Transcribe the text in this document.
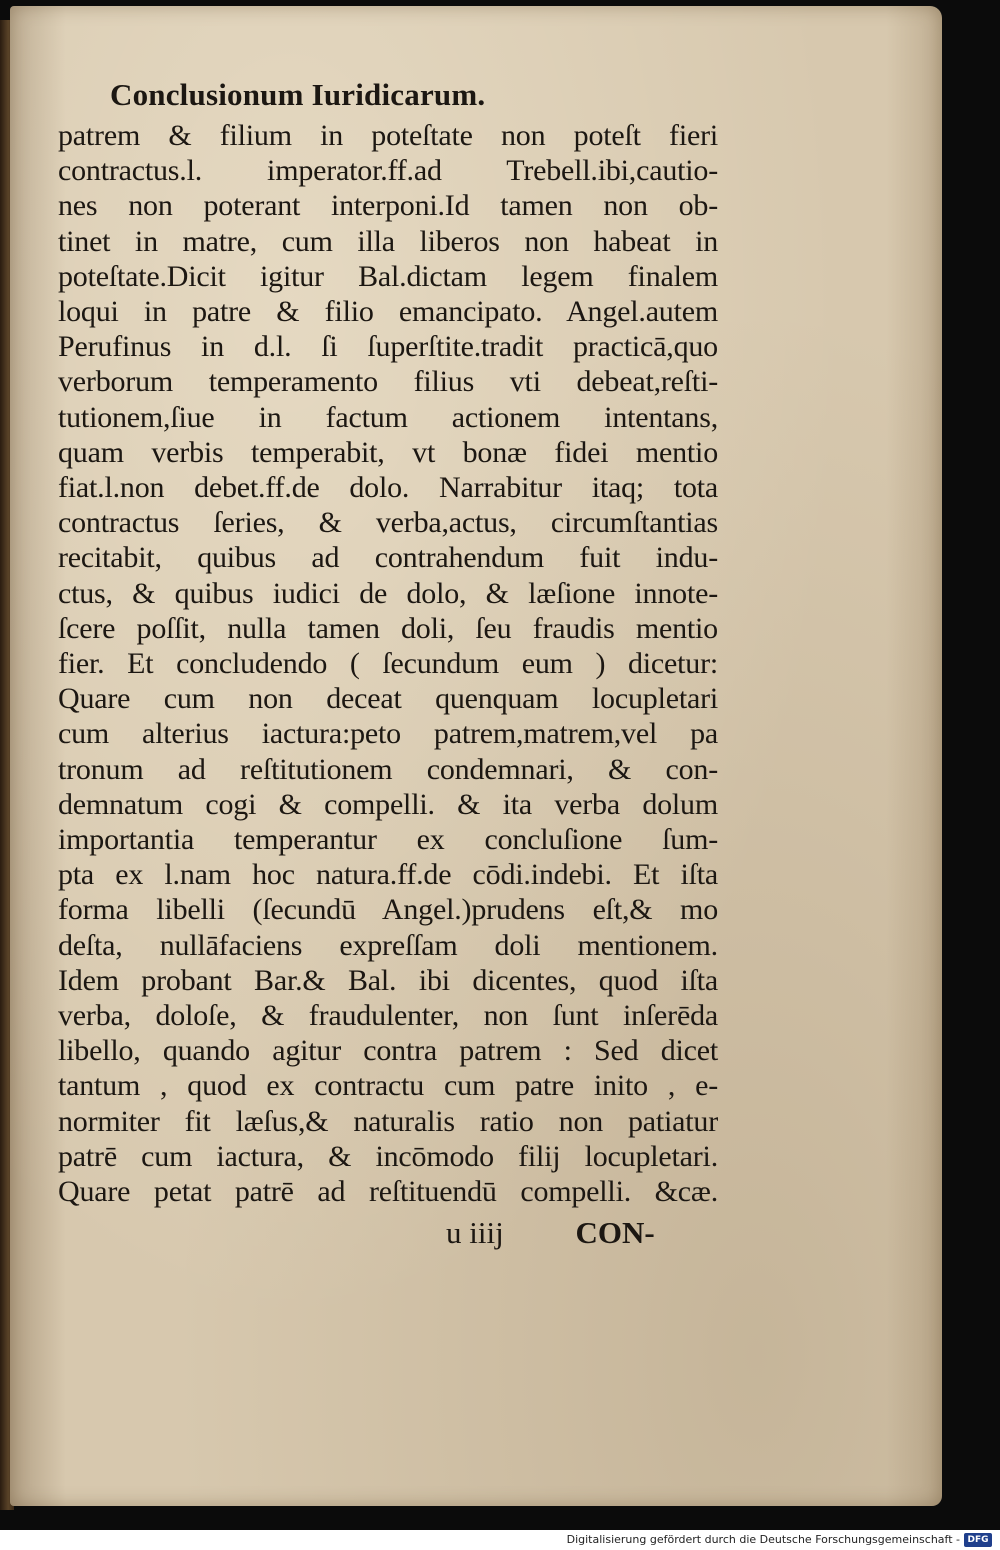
Conclusionum Iuridicarum.
patrem & filium in poteſtate non poteſt fieri
contractus.l. imperator.ff.ad Trebell.ibi,cautio-
nes non poterant interponi.Id tamen non ob-
tinet in matre, cum illa liberos non habeat in
poteſtate.Dicit igitur Bal.dictam legem finalem
loqui in patre & filio emancipato. Angel.autem
Perufinus in d.l. ſi ſuperſtite.tradit practicā,quo
verborum temperamento filius vti debeat,reſti-
tutionem,ſiue in factum actionem intentans,
quam verbis temperabit, vt bonæ fidei mentio
fiat.l.non debet.ff.de dolo. Narrabitur itaq; tota
contractus ſeries, & verba,actus, circumſtantias
recitabit, quibus ad contrahendum fuit indu-
ctus, & quibus iudici de dolo, & læſione innote-
ſcere poſſit, nulla tamen doli, ſeu fraudis mentio
fier. Et concludendo ( ſecundum eum ) dicetur:
Quare cum non deceat quenquam locupletari
cum alterius iactura:peto patrem,matrem,vel pa
tronum ad reſtitutionem condemnari, & con-
demnatum cogi & compelli. & ita verba dolum
importantia temperantur ex concluſione ſum-
pta ex l.nam hoc natura.ff.de cōdi.indebi. Et iſta
forma libelli (ſecundū Angel.)prudens eſt,& mo
deſta, nullāfaciens expreſſam doli mentionem.
Idem probant Bar.& Bal. ibi dicentes, quod iſta
verba, doloſe, & fraudulenter, non ſunt inſerēda
libello, quando agitur contra patrem : Sed dicet
tantum , quod ex contractu cum patre inito , e-
normiter fit læſus,& naturalis ratio non patiatur
patrē cum iactura, & incōmodo filij locupletari.
Quare petat patrē ad reſtituendū compelli. &cæ.
u iiij CON-
Digitalisierung gefördert durch die Deutsche Forschungsgemeinschaft - DFG
